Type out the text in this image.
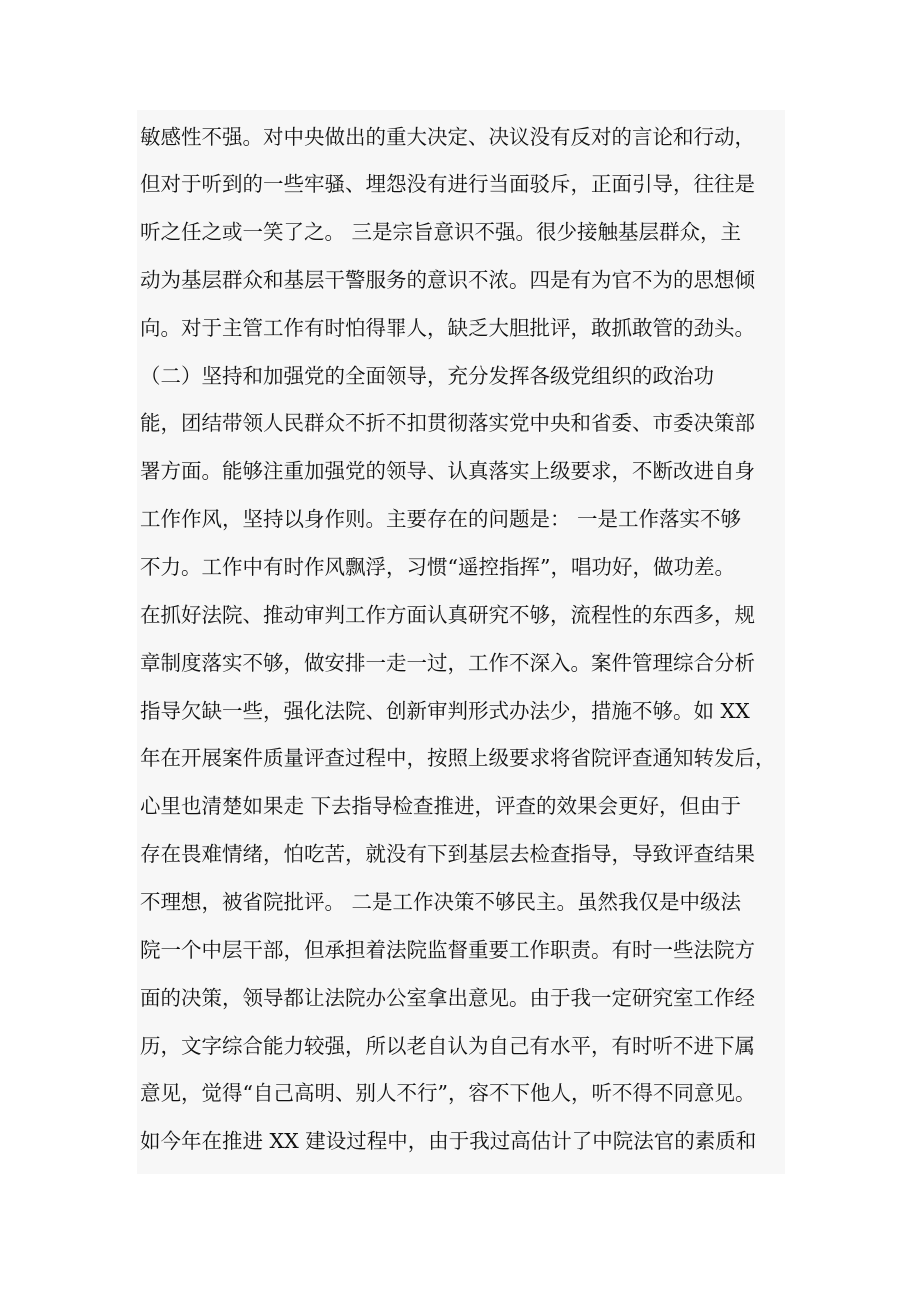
敏感性不强。对中央做出的重大决定、决议没有反对的言论和行动，
但对于听到的一些牢骚、埋怨没有进行当面驳斥，正面引导，往往是
听之任之或一笑了之。 三是宗旨意识不强。很少接触基层群众，主
动为基层群众和基层干警服务的意识不浓。四是有为官不为的思想倾
向。对于主管工作有时怕得罪人，缺乏大胆批评，敢抓敢管的劲头。
（二）坚持和加强党的全面领导，充分发挥各级党组织的政治功
能，团结带领人民群众不折不扣贯彻落实党中央和省委、市委决策部
署方面。能够注重加强党的领导、认真落实上级要求，不断改进自身
工作作风，坚持以身作则。主要存在的问题是： 一是工作落实不够
不力。工作中有时作风飘浮，习惯“遥控指挥”，唱功好，做功差。
在抓好法院、推动审判工作方面认真研究不够，流程性的东西多，规
章制度落实不够，做安排一走一过，工作不深入。案件管理综合分析
指导欠缺一些，强化法院、创新审判形式办法少，措施不够。如 XX
年在开展案件质量评查过程中，按照上级要求将省院评查通知转发后，
心里也清楚如果走 下去指导检查推进，评查的效果会更好，但由于
存在畏难情绪，怕吃苦，就没有下到基层去检查指导，导致评查结果
不理想，被省院批评。 二是工作决策不够民主。虽然我仅是中级法
院一个中层干部，但承担着法院监督重要工作职责。有时一些法院方
面的决策，领导都让法院办公室拿出意见。由于我一定研究室工作经
历，文字综合能力较强，所以老自认为自己有水平，有时听不进下属
意见，觉得“自己高明、别人不行”，容不下他人，听不得不同意见。
如今年在推进 XX 建设过程中，由于我过高估计了中院法官的素质和
